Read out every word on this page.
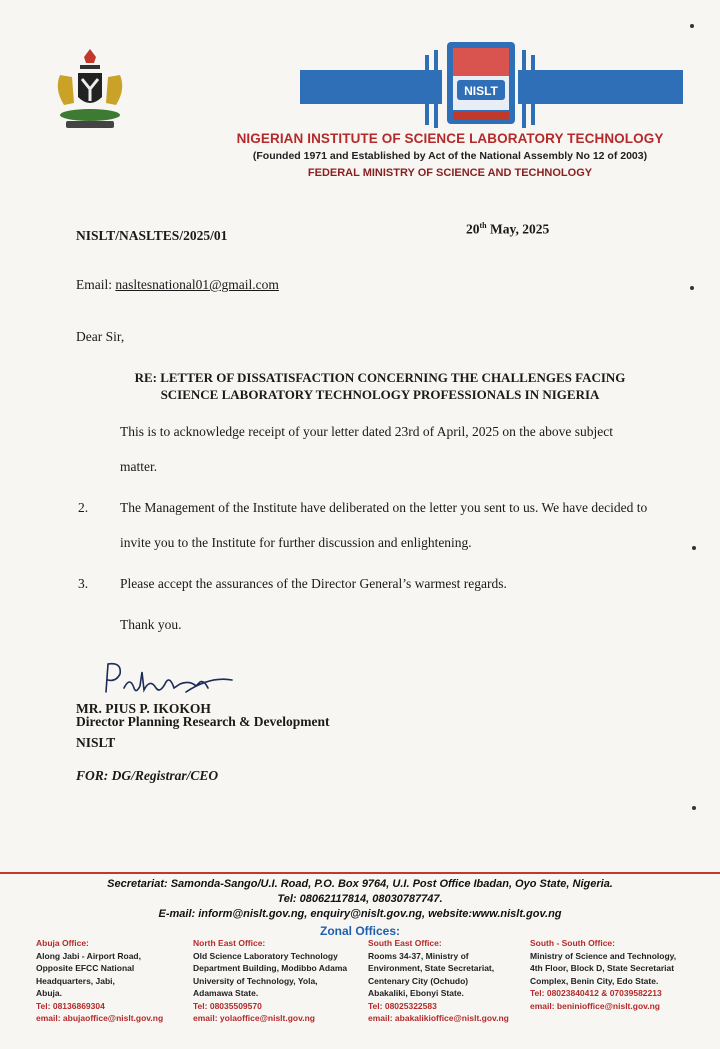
NISLT
NIGERIAN INSTITUTE OF SCIENCE LABORATORY TECHNOLOGY
(Founded 1971 and Established by Act of the National Assembly No 12 of 2003)
FEDERAL MINISTRY OF SCIENCE AND TECHNOLOGY
NISLT/NASLTES/2025/01	20th May, 2025
Email: nasltesnational01@gmail.com
Dear Sir,
RE: LETTER OF DISSATISFACTION CONCERNING THE CHALLENGES FACING
SCIENCE LABORATORY TECHNOLOGY PROFESSIONALS IN NIGERIA
This is to acknowledge receipt of your letter dated 23rd of April, 2025 on the above subject matter.
2. The Management of the Institute have deliberated on the letter you sent to us. We have decided to invite you to the Institute for further discussion and enlightening.
3. Please accept the assurances of the Director General’s warmest regards.
Thank you.
MR. PIUS P. IKOKOH
Director Planning Research & Development
NISLT
FOR: DG/Registrar/CEO
Secretariat: Samonda-Sango/U.I. Road, P.O. Box 9764, U.I. Post Office Ibadan, Oyo State, Nigeria.
Tel: 08062117814, 08030787747.
E-mail: inform@nislt.gov.ng, enquiry@nislt.gov.ng, website:www.nislt.gov.ng
Zonal Offices:
Abuja Office:
Along Jabi - Airport Road,
Opposite EFCC National
Headquarters, Jabi,
Abuja.
Tel: 08136869304
email: abujaoffice@nislt.gov.ng
North East Office:
Old Science Laboratory Technology
Department Building, Modibbo Adama
University of Technology, Yola,
Adamawa State.
Tel: 08035509570
email: yolaoffice@nislt.gov.ng
South East Office:
Rooms 34-37, Ministry of
Environment, State Secretariat,
Centenary City (Ochudo)
Abakaliki, Ebonyi State.
Tel: 08025322583
email: abakalikioffice@nislt.gov.ng
South - South Office:
Ministry of Science and Technology,
4th Floor, Block D, State Secretariat
Complex, Benin City, Edo State.
Tel: 08023840412 & 07039582213
email: beninioffice@nislt.gov.ng
